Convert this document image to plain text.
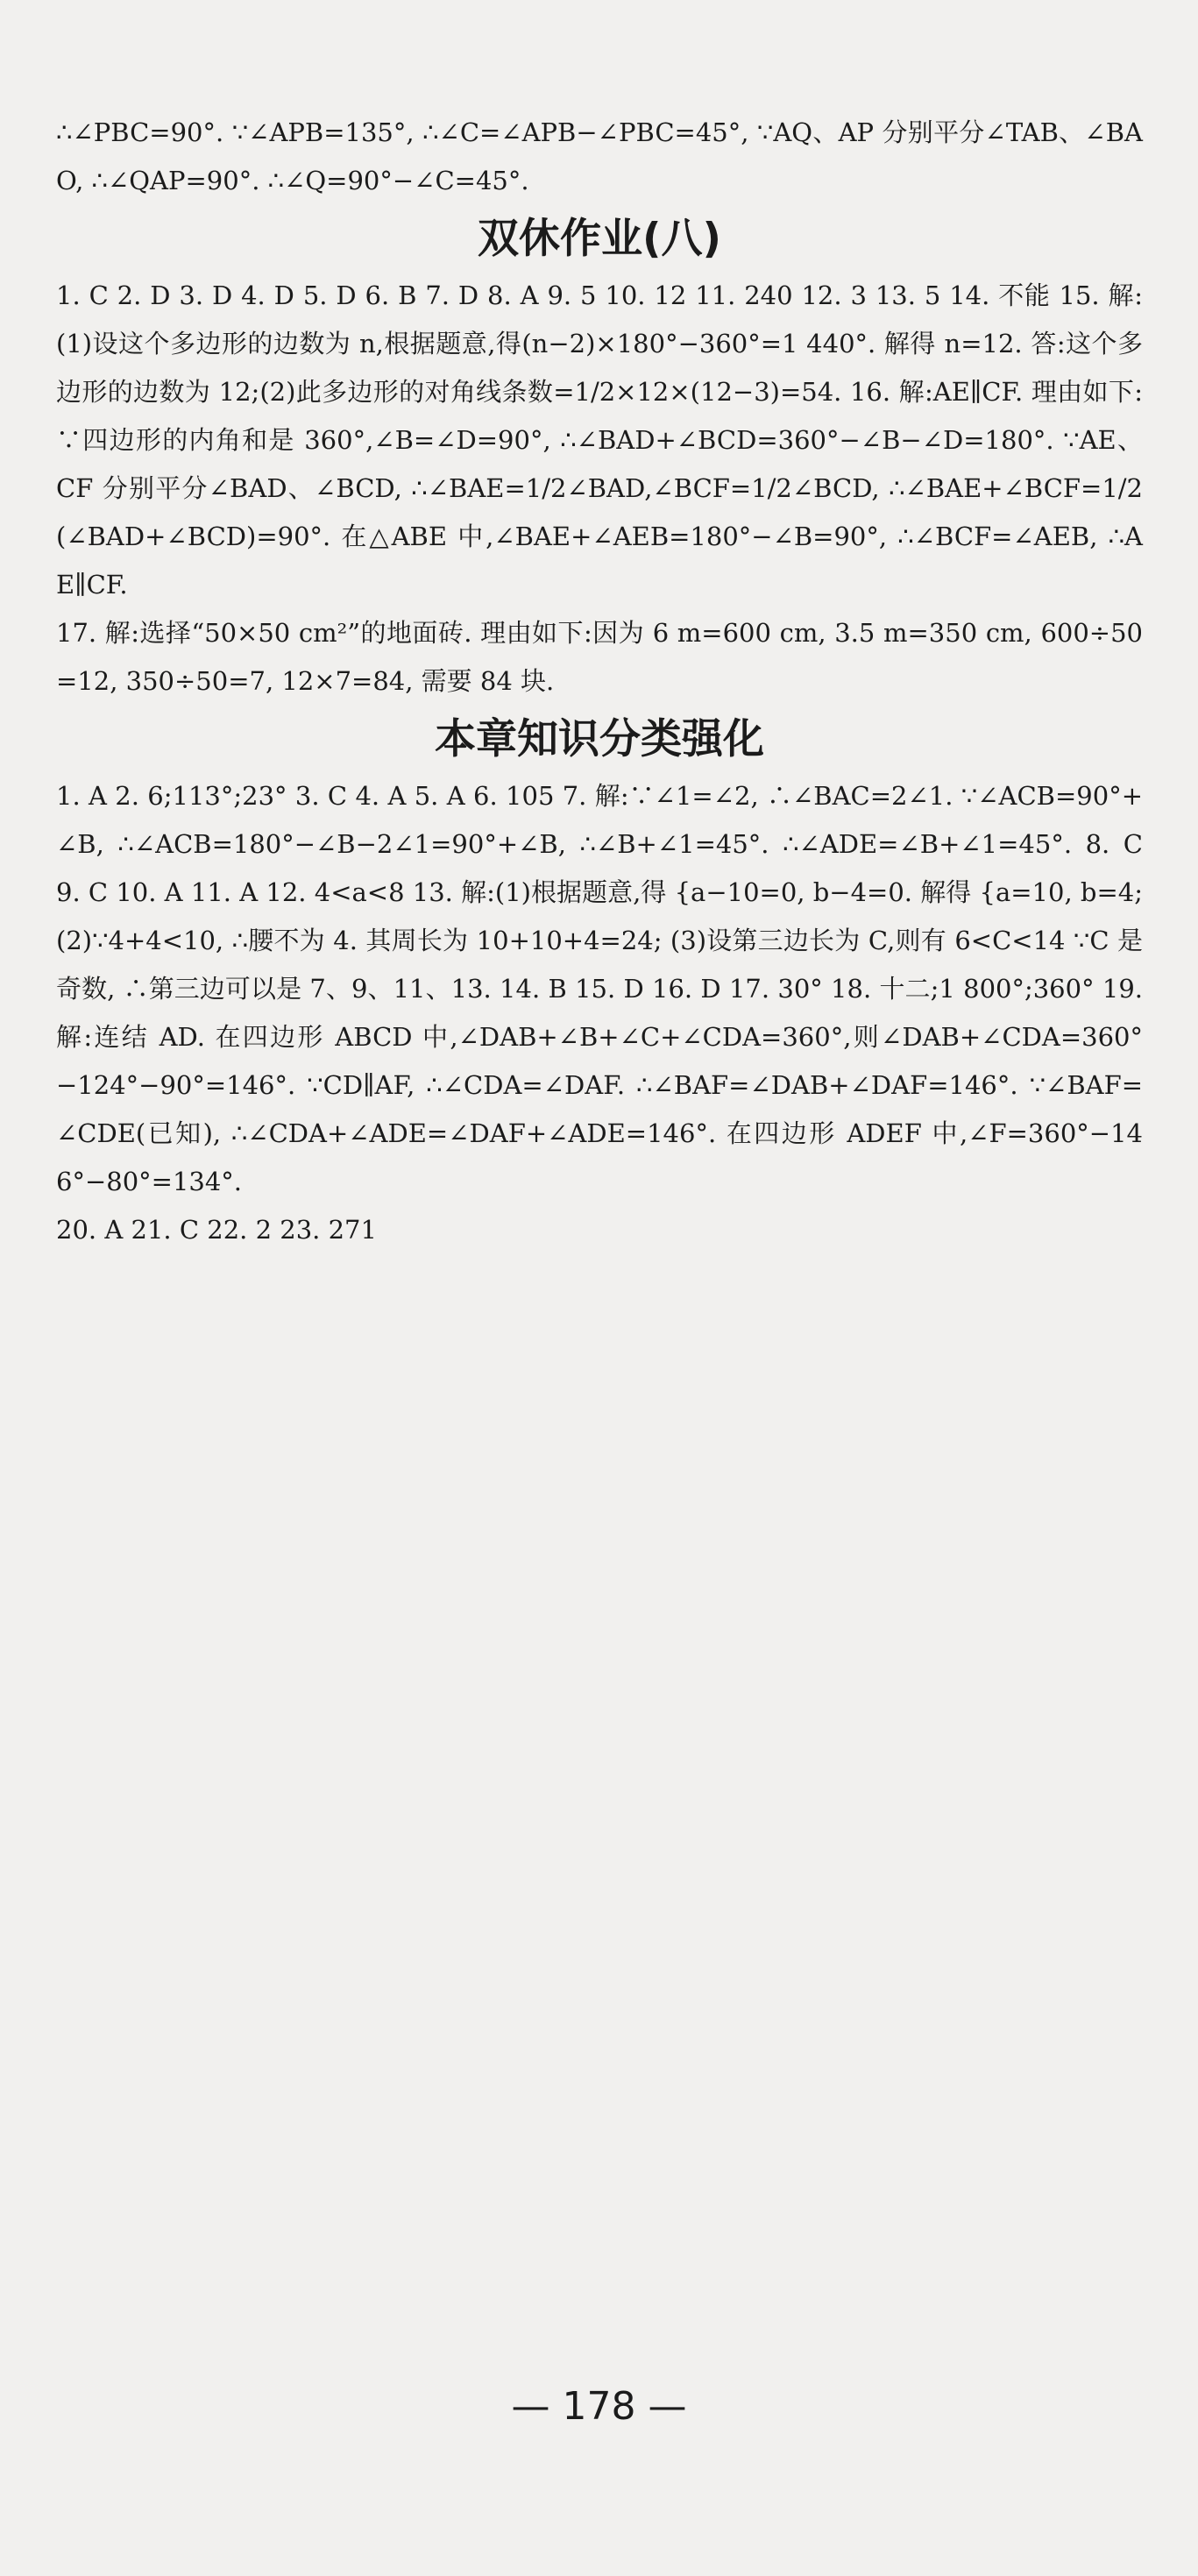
∴∠PBC=90°. ∵∠APB=135°, ∴∠C=∠APB−∠PBC=45°, ∵AQ、AP 分别平分∠TAB、∠BAO, ∴∠QAP=90°. ∴∠Q=90°−∠C=45°.

双休作业(八)

1. C 2. D 3. D 4. D 5. D 6. B 7. D 8. A 9. 5 10. 12 11. 240 12. 3 13. 5 14. 不能 15. 解:(1)设这个多边形的边数为 n,根据题意,得(n−2)×180°−360°=1 440°. 解得 n=12. 答:这个多边形的边数为 12;(2)此多边形的对角线条数=1/2×12×(12−3)=54. 16. 解:AE∥CF. 理由如下:∵四边形的内角和是 360°,∠B=∠D=90°, ∴∠BAD+∠BCD=360°−∠B−∠D=180°. ∵AE、CF 分别平分∠BAD、∠BCD, ∴∠BAE=1/2∠BAD,∠BCF=1/2∠BCD, ∴∠BAE+∠BCF=1/2(∠BAD+∠BCD)=90°. 在△ABE 中,∠BAE+∠AEB=180°−∠B=90°, ∴∠BCF=∠AEB, ∴AE∥CF.

17. 解:选择“50×50 cm²”的地面砖. 理由如下:因为 6 m=600 cm, 3.5 m=350 cm, 600÷50=12, 350÷50=7, 12×7=84, 需要 84 块.

本章知识分类强化

1. A 2. 6;113°;23° 3. C 4. A 5. A 6. 105 7. 解:∵∠1=∠2, ∴∠BAC=2∠1. ∵∠ACB=90°+∠B, ∴∠ACB=180°−∠B−2∠1=90°+∠B, ∴∠B+∠1=45°. ∴∠ADE=∠B+∠1=45°. 8. C 9. C 10. A 11. A 12. 4<a<8 13. 解:(1)根据题意,得 {a−10=0, b−4=0. 解得 {a=10, b=4; (2)∵4+4<10, ∴腰不为 4. 其周长为 10+10+4=24; (3)设第三边长为 C,则有 6<C<14 ∵C 是奇数, ∴第三边可以是 7、9、11、13. 14. B 15. D 16. D 17. 30° 18. 十二;1 800°;360° 19. 解:连结 AD. 在四边形 ABCD 中,∠DAB+∠B+∠C+∠CDA=360°,则∠DAB+∠CDA=360°−124°−90°=146°. ∵CD∥AF, ∴∠CDA=∠DAF. ∴∠BAF=∠DAB+∠DAF=146°. ∵∠BAF=∠CDE(已知), ∴∠CDA+∠ADE=∠DAF+∠ADE=146°. 在四边形 ADEF 中,∠F=360°−146°−80°=134°.

20. A 21. C 22. 2 23. 271

— 178 —
